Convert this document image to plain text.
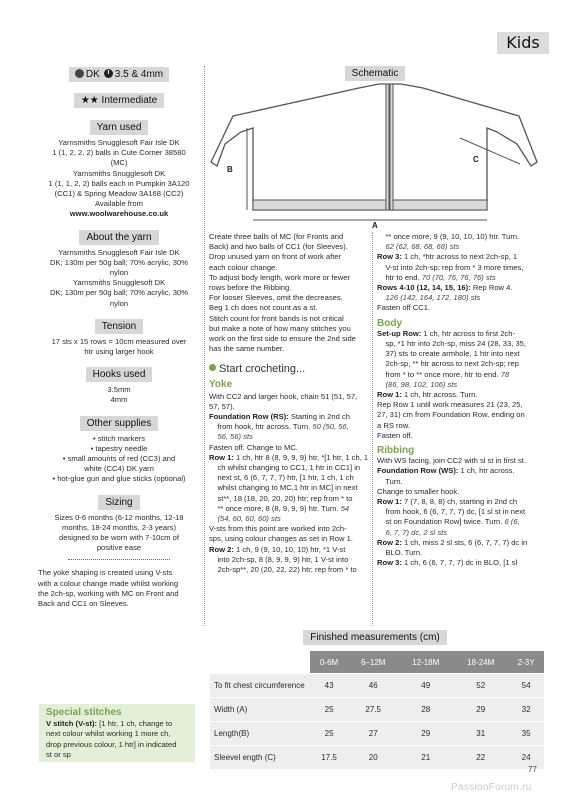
Kids
DK 3.5 & 4mm
★★ Intermediate
Yarn used
Yarnsmiths Snugglesoft Fair Isle DK
1 (1, 2, 2, 2) balls in Cute Corner 38580
(MC)
Yarnsmiths Snugglesoft DK
1 (1, 1, 2, 2) balls each in Pumpkin 3A120
(CC1) & Spring Meadow 3A168 (CC2)
Available from
www.woolwarehouse.co.uk
About the yarn
Yarnsmiths Snugglesoft Fair Isle DK
DK; 130m per 50g ball; 70% acrylic, 30%
nylon
Yarnsmiths Snugglesoft DK
DK; 130m per 50g ball; 70% acrylic, 30%
nylon
Tension
17 sts x 15 rows = 10cm measured over
htr using larger hook
Hooks used
3.5mm
4mm
Other supplies
• stitch markers
• tapestry needle
• small amounts of red (CC3) and
white (CC4) DK yarn
• hot-glue gun and glue sticks (optional)
Sizing
Sizes 0-6 months (6-12 months, 12-18
months, 18-24 months, 2-3 years)
designed to be worn with 7-10cm of
positive ease
The yoke shaping is created using V-sts
with a colour change made whilst working
the 2ch-sp, working with MC on Front and
Back and CC1 on Sleeves.
Special stitches
V stitch (V-st): [1 htr, 1 ch, change to
next colour whilst working 1 more ch,
drop previous colour, 1 htr] in indicated
st or sp
Schematic
A
B
C
Create three balls of MC (for Fronts and
Back) and two balls of CC1 (for Sleeves).
Drop unused yarn on front of work after
each colour change.
To adjust body length, work more or fewer
rows before the Ribbing.
For looser Sleeves, omit the decreases.
Beg 1 ch does not count as a st.
Stitch count for front bands is not critical
but make a note of how many stitches you
work on the first side to ensure the 2nd side
has the same number.
Start crocheting...
Yoke
With CC2 and larger hook, chain 51 (51, 57,
57, 57).
Foundation Row (RS): Starting in 2nd ch
from hook, htr across. Turn. 50 (50, 56,
56, 56) sts
Fasten off. Change to MC.
Row 1: 1 ch, htr 8 (8, 9, 9, 9) htr, *[1 htr, 1 ch, 1
ch whilst changing to CC1, 1 htr in CC1] in
next st, 6 (6, 7, 7, 7) htr, [1 htr, 1 ch, 1 ch
whilst changing to MC,1 htr in MC] in next
st**, 18 (18, 20, 20, 20) htr; rep from * to
** once more, 8 (8, 9, 9, 9) htr. Turn. 54
(54, 60, 60, 60) sts
V-sts from this point are worked into 2ch-
sps, using colour changes as set in Row 1.
Row 2: 1 ch, 9 (9, 10, 10, 10) htr, *1 V-st
into 2ch-sp, 8 (8, 9, 9, 9) htr, 1 V-st into
2ch-sp**, 20 (20, 22, 22) htr; rep from * to
** once more, 9 (9, 10, 10, 10) htr. Turn.
62 (62, 68, 68, 68) sts
Row 3: 1 ch, *htr across to next 2ch-sp, 1
V-st into 2ch-sp; rep from * 3 more times,
htr to end. 70 (70, 76, 76, 76) sts
Rows 4-10 (12, 14, 15, 16): Rep Row 4.
126 (142, 164, 172, 180) sts
Fasten off CC1.
Body
Set-up Row: 1 ch, htr across to first 2ch-
sp, *1 htr into 2ch-sp, miss 24 (28, 33, 35,
37) sts to create armhole, 1 htr into next
2ch-sp, ** htr across to next 2ch-sp; rep
from * to ** once more, htr to end. 78
(86, 98, 102, 106) sts
Row 1: 1 ch, htr across. Turn.
Rep Row 1 until work measures 21 (23, 25,
27, 31) cm from Foundation Row, ending on
a RS row.
Fasten off.
Ribbing
With WS facing, join CC2 with sl st in first st.
Foundation Row (WS): 1 ch, htr across.
Turn.
Change to smaller hook.
Row 1: 7 (7, 8, 8, 8) ch, starting in 2nd ch
from hook, 6 (6, 7, 7, 7) dc, [1 sl st in next
st on Foundation Row] twice. Turn. 6 (6,
6, 7, 7) dc, 2 sl sts
Row 2: 1 ch, miss 2 sl sts, 6 (6, 7, 7, 7) dc in
BLO. Turn.
Row 3: 1 ch, 6 (6, 7, 7, 7) dc in BLO, [1 sl
Finished measurements (cm)
	0-6M	6–12M	12-18M	18-24M	2-3Y
To fit chest circumference	43	46	49	52	54
Width (A)	25	27.5	28	29	32
Length(B)	25	27	29	31	35
Sleevel ength (C)	17.5	20	21	22	24
77
PassionForum.ru
